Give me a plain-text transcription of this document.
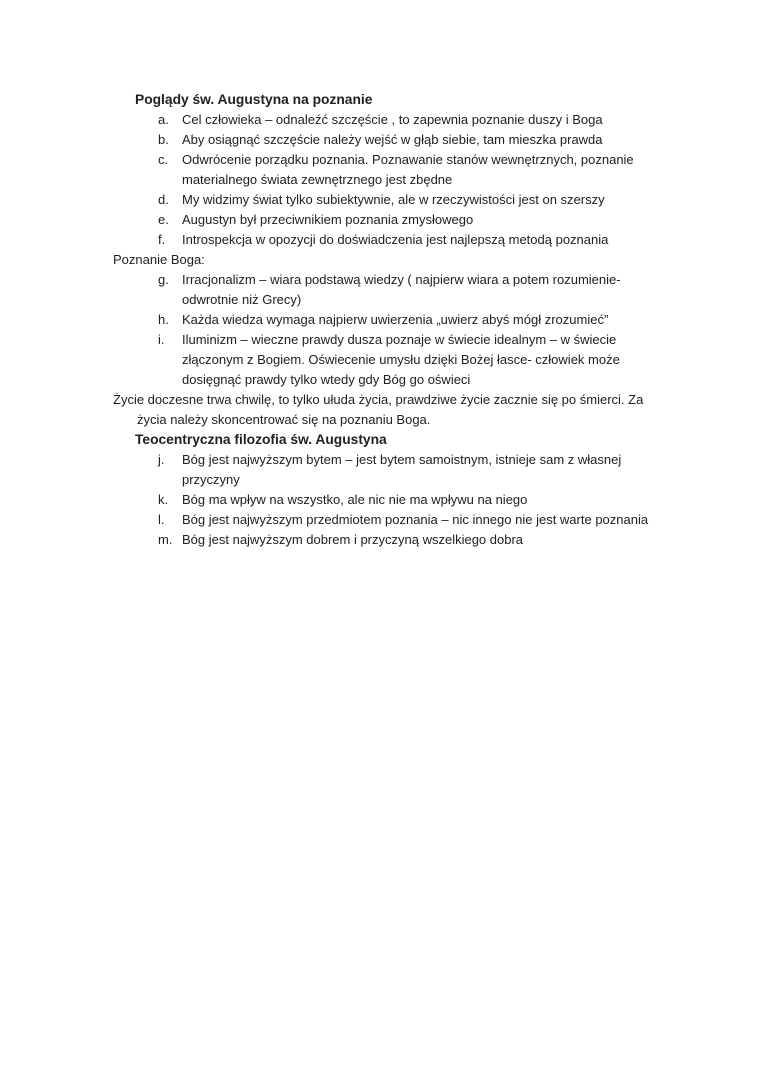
Poglądy św. Augustyna na poznanie
a.	Cel człowieka – odnaleźć szczęście , to zapewnia poznanie duszy i Boga
b.	Aby osiągnąć szczęście należy wejść w głąb siebie, tam mieszka prawda
c.	Odwrócenie porządku poznania. Poznawanie stanów wewnętrznych, poznanie materialnego świata zewnętrznego jest zbędne
d.	My widzimy świat tylko subiektywnie, ale w rzeczywistości jest on szerszy
e.	Augustyn był przeciwnikiem poznania zmysłowego
f.	Introspekcja w opozycji do doświadczenia jest najlepszą metodą poznania

Poznanie Boga:

g.	Irracjonalizm – wiara podstawą wiedzy ( najpierw wiara a potem rozumienie-odwrotnie niż Grecy)
h.	Każda wiedza wymaga najpierw uwierzenia „uwierz abyś mógł zrozumieć”
i.	Iluminizm – wieczne prawdy dusza poznaje w świecie idealnym – w świecie złączonym z Bogiem. Oświecenie umysłu dzięki Bożej łasce- człowiek może dosięgnąć prawdy tylko wtedy gdy Bóg go oświeci

Życie doczesne trwa chwilę, to tylko ułuda życia, prawdziwe życie zacznie się po śmierci. Za życia należy skoncentrować się na poznaniu Boga.

Teocentryczna filozofia św. Augustyna
j.	Bóg jest najwyższym bytem – jest bytem samoistnym, istnieje sam z własnej przyczyny
k.	Bóg ma wpływ na wszystko, ale nic nie ma wpływu na niego
l.	Bóg jest najwyższym przedmiotem poznania – nic innego nie jest warte poznania
m. Bóg jest najwyższym dobrem i przyczyną wszelkiego dobra
